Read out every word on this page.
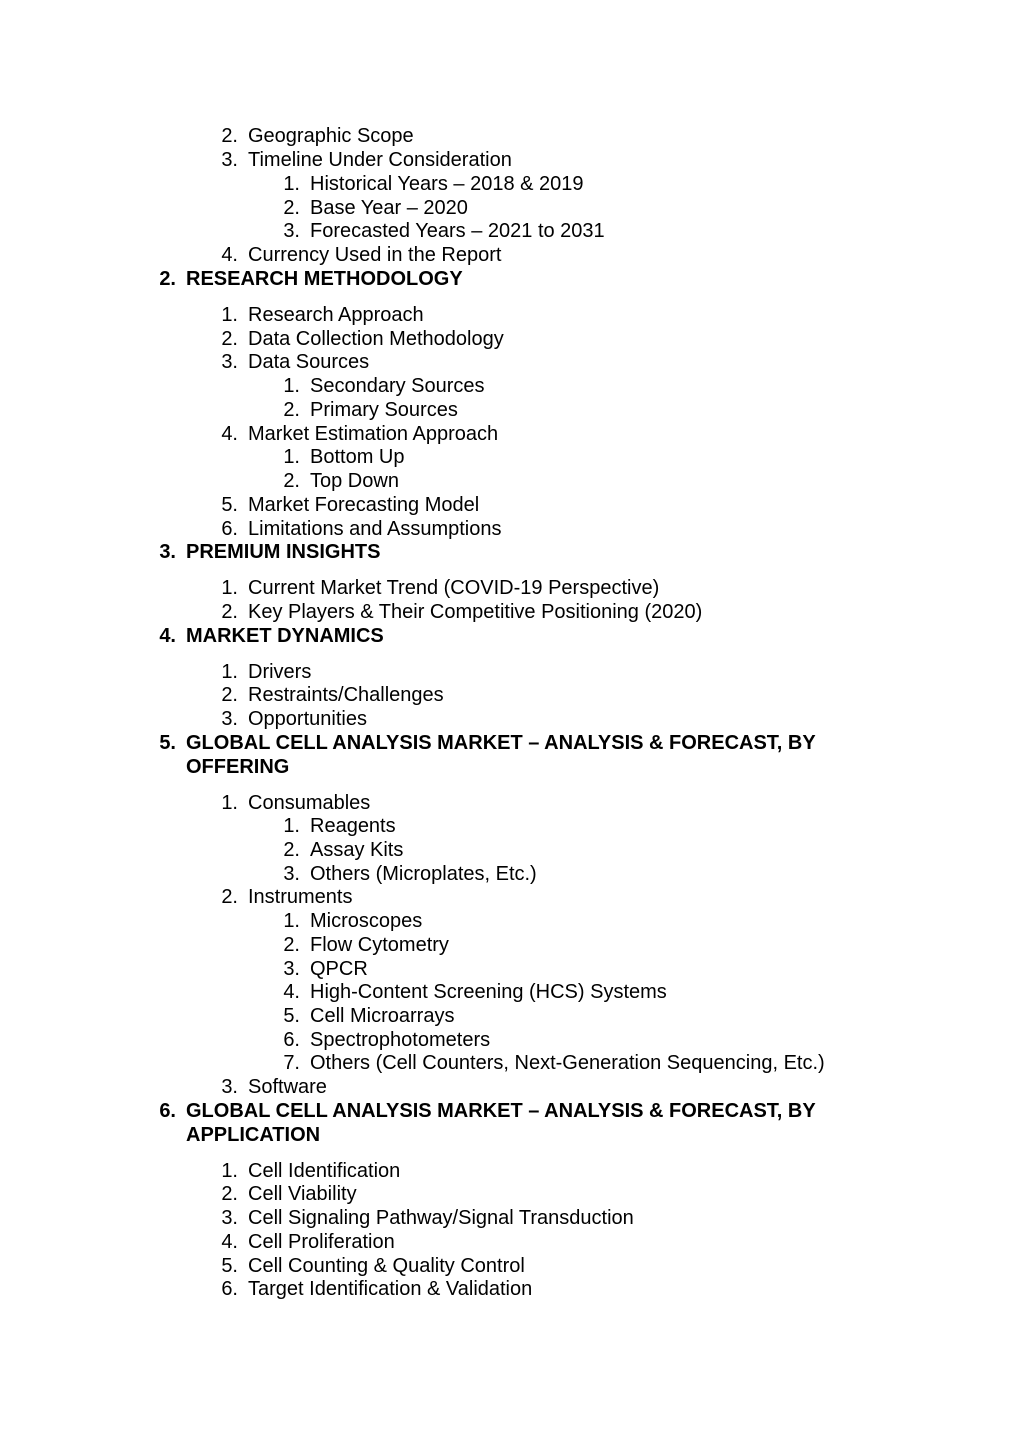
2. Geographic Scope
3. Timeline Under Consideration
1. Historical Years – 2018 & 2019
2. Base Year – 2020
3. Forecasted Years – 2021 to 2031
4. Currency Used in the Report
2. RESEARCH METHODOLOGY
1. Research Approach
2. Data Collection Methodology
3. Data Sources
1. Secondary Sources
2. Primary Sources
4. Market Estimation Approach
1. Bottom Up
2. Top Down
5. Market Forecasting Model
6. Limitations and Assumptions
3. PREMIUM INSIGHTS
1. Current Market Trend (COVID-19 Perspective)
2. Key Players & Their Competitive Positioning (2020)
4. MARKET DYNAMICS
1. Drivers
2. Restraints/Challenges
3. Opportunities
5. GLOBAL CELL ANALYSIS MARKET – ANALYSIS & FORECAST, BY
OFFERING
1. Consumables
1. Reagents
2. Assay Kits
3. Others (Microplates, Etc.)
2. Instruments
1. Microscopes
2. Flow Cytometry
3. QPCR
4. High-Content Screening (HCS) Systems
5. Cell Microarrays
6. Spectrophotometers
7. Others (Cell Counters, Next-Generation Sequencing, Etc.)
3. Software
6. GLOBAL CELL ANALYSIS MARKET – ANALYSIS & FORECAST, BY
APPLICATION
1. Cell Identification
2. Cell Viability
3. Cell Signaling Pathway/Signal Transduction
4. Cell Proliferation
5. Cell Counting & Quality Control
6. Target Identification & Validation
